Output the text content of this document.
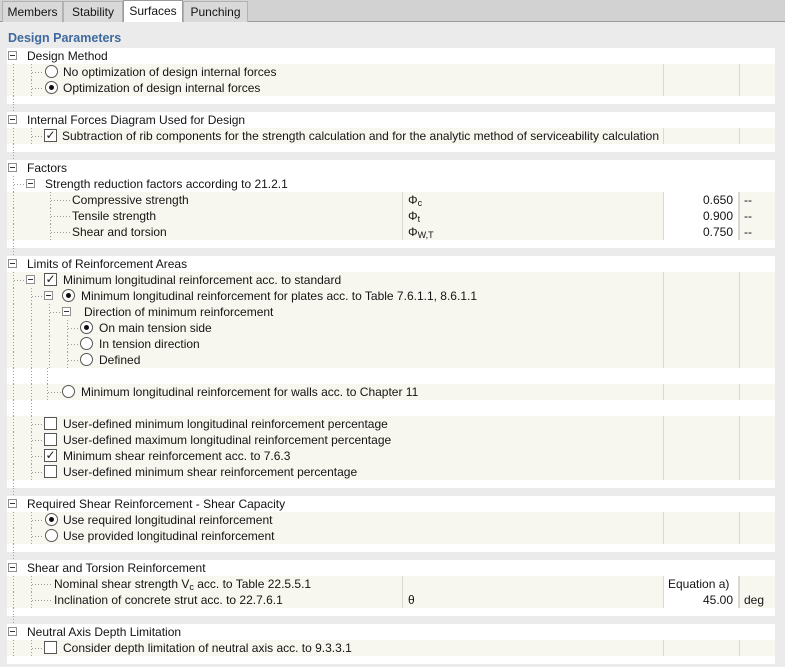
Members	Stability	Surfaces	Punching
Design Parameters
Design Method
No optimization of design internal forces
Optimization of design internal forces
Internal Forces Diagram Used for Design
✓
Subtraction of rib components for the strength calculation and for the analytic method of serviceability calculation
Factors
Strength reduction factors according to 21.2.1
Compressive strength	$\Phi_c$	0.650 --
Tensile strength	$\Phi_t$	0.900 --
Shear and torsion	$\Phi_{W,T}$	0.750 --
Limits of Reinforcement Areas
✓
Minimum longitudinal reinforcement acc. to standard
Minimum longitudinal reinforcement for plates acc. to Table 7.6.1.1, 8.6.1.1
Direction of minimum reinforcement
On main tension side
In tension direction
Defined
Minimum longitudinal reinforcement for walls acc. to Chapter 11
User-defined minimum longitudinal reinforcement percentage
User-defined maximum longitudinal reinforcement percentage
✓
Minimum shear reinforcement acc. to 7.6.3
User-defined minimum shear reinforcement percentage
Required Shear Reinforcement - Shear Capacity
Use required longitudinal reinforcement
Use provided longitudinal reinforcement
Shear and Torsion Reinforcement
Nominal shear strength $V_c$ acc. to Table 22.5.5.1	Equation a)
Inclination of concrete strut acc. to 22.7.6.1	θ	45.00 deg
Neutral Axis Depth Limitation
Consider depth limitation of neutral axis acc. to 9.3.3.1
